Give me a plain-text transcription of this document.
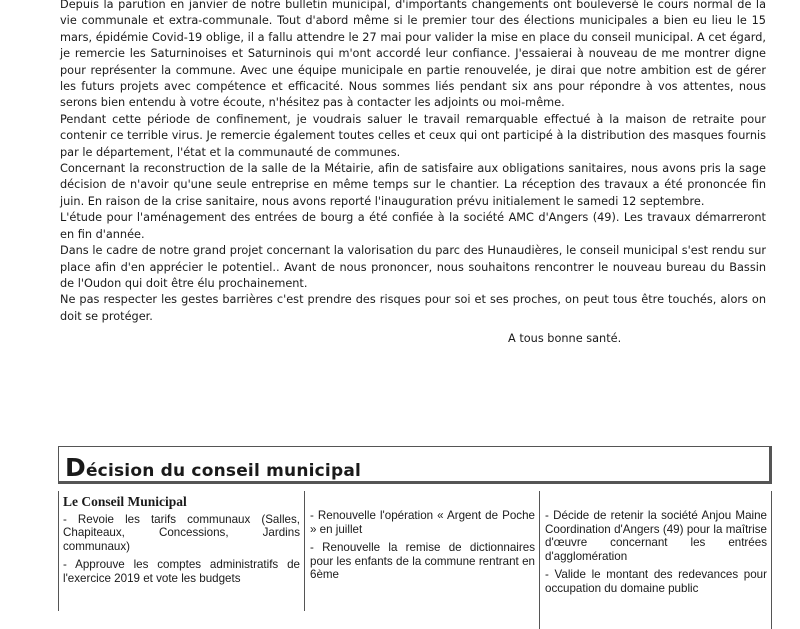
Depuis la parution en janvier de notre bulletin municipal, d'importants changements ont bouleversé le cours normal de la vie communale et extra-communale. Tout d'abord même si le premier tour des élections municipales a bien eu lieu le 15 mars, épidémie Covid-19 oblige, il a fallu attendre le 27 mai pour valider la mise en place du conseil municipal. A cet égard, je remercie les Saturninoises et Saturninois qui m'ont accordé leur confiance. J'essaierai à nouveau de me montrer digne pour représenter la commune. Avec une équipe municipale en partie renouvelée, je dirai que notre ambition est de gérer les futurs projets avec compétence et efficacité. Nous sommes liés pendant six ans pour répondre à vos attentes, nous serons bien entendu à votre écoute, n'hésitez pas à contacter les adjoints ou moi-même.

Pendant cette période de confinement, je voudrais saluer le travail remarquable effectué à la maison de retraite pour contenir ce terrible virus. Je remercie également toutes celles et ceux qui ont participé à la distribution des masques fournis par le département, l'état et la communauté de communes.

Concernant la reconstruction de la salle de la Métairie, afin de satisfaire aux obligations sanitaires, nous avons pris la sage décision de n'avoir qu'une seule entreprise en même temps sur le chantier. La réception des travaux a été prononcée fin juin. En raison de la crise sanitaire, nous avons reporté l'inauguration prévu initialement le samedi 12 septembre.

L'étude pour l'aménagement des entrées de bourg a été confiée à la société AMC d'Angers (49). Les travaux démarreront en fin d'année.

Dans le cadre de notre grand projet concernant la valorisation du parc des Hunaudières, le conseil municipal s'est rendu sur place afin d'en apprécier le potentiel.. Avant de nous prononcer, nous souhaitons rencontrer le nouveau bureau du Bassin de l'Oudon qui doit être élu prochainement.

Ne pas respecter les gestes barrières c'est prendre des risques pour soi et ses proches, on peut tous être touchés, alors on doit se protéger.

A tous bonne santé.
Décision du conseil municipal
Le Conseil Municipal

- Revoie les tarifs communaux (Salles, Chapiteaux, Concessions, Jardins communaux)

- Approuve les comptes administratifs de l'exercice 2019 et vote les budgets

- Renouvelle l'opération « Argent de Poche » en juillet

- Renouvelle la remise de dictionnaires pour les enfants de la commune rentrant en 6ème

- Décide de retenir la société Anjou Maine Coordination d'Angers (49) pour la maîtrise d'œuvre concernant les entrées d'agglomération

- Valide le montant des redevances pour occupation du domaine public
